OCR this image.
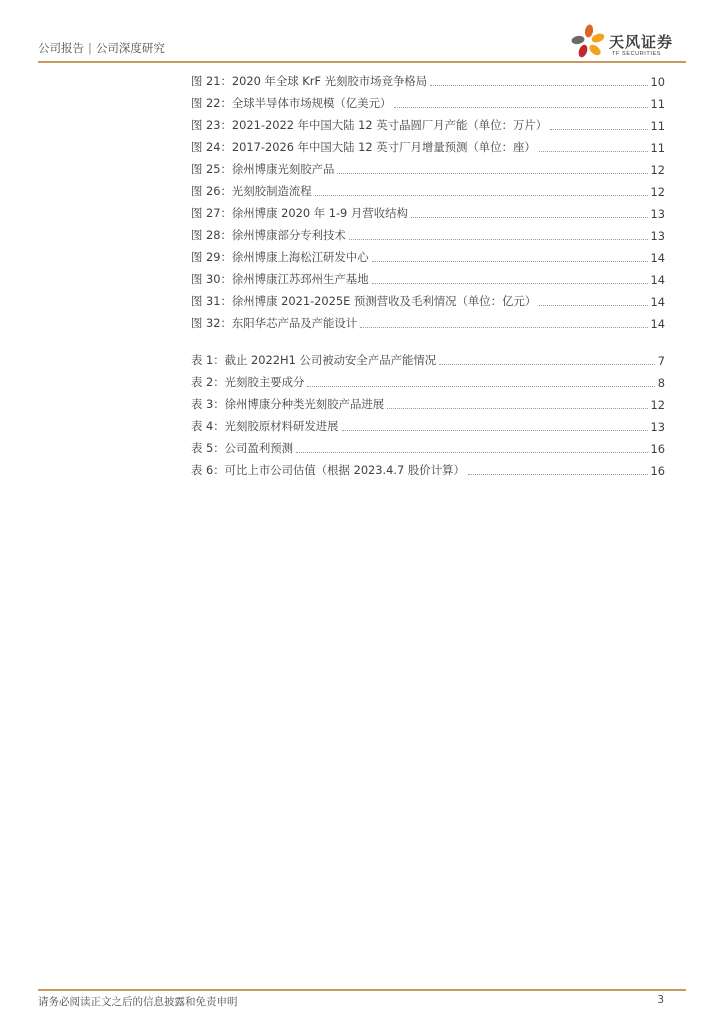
公司报告 | 公司深度研究	天风证券
TF SECURITIES
图 21：2020 年全球 KrF 光刻胶市场竞争格局	10
图 22：全球半导体市场规模（亿美元）	11
图 23：2021-2022 年中国大陆 12 英寸晶圆厂月产能（单位：万片）	11
图 24：2017-2026 年中国大陆 12 英寸厂月增量预测（单位：座）	11
图 25：徐州博康光刻胶产品	12
图 26：光刻胶制造流程	12
图 27：徐州博康 2020 年 1-9 月营收结构	13
图 28：徐州博康部分专利技术	13
图 29：徐州博康上海松江研发中心	14
图 30：徐州博康江苏邳州生产基地	14
图 31：徐州博康 2021-2025E 预测营收及毛利情况（单位：亿元）	14
图 32：东阳华芯产品及产能设计	14
表 1：截止 2022H1 公司被动安全产品产能情况	7
表 2：光刻胶主要成分	8
表 3：徐州博康分种类光刻胶产品进展	12
表 4：光刻胶原材料研发进展	13
表 5：公司盈利预测	16
表 6：可比上市公司估值（根据 2023.4.7 股价计算）	16
请务必阅读正文之后的信息披露和免责申明	3
